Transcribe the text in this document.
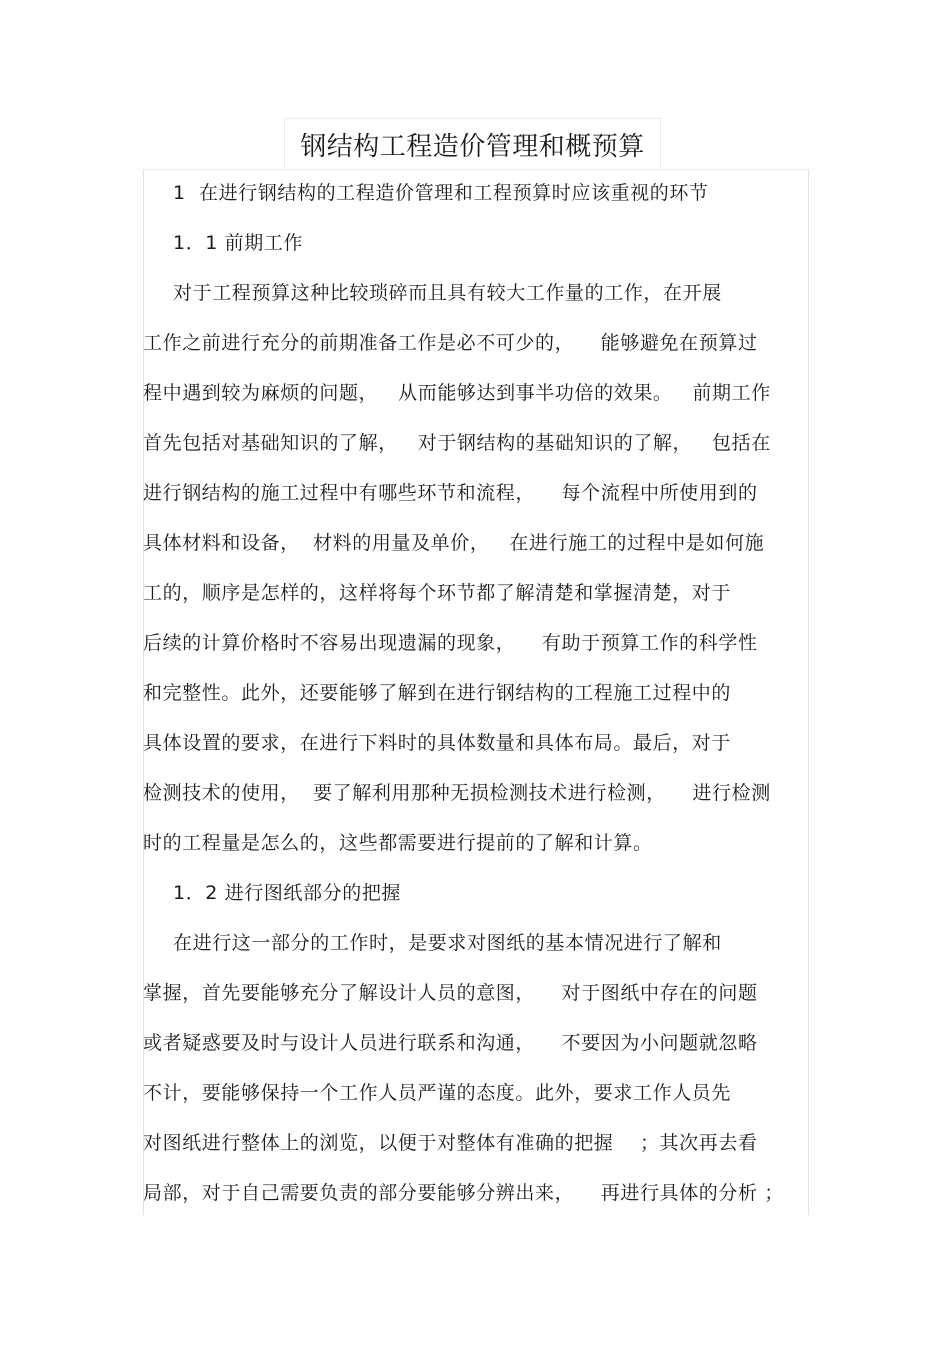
钢结构工程造价管理和概预算
1  在进行钢结构的工程造价管理和工程预算时应该重视的环节
1．1 前期工作
对于工程预算这种比较琐碎而且具有较大工作量的工作，在开展
工作之前进行充分的前期准备工作是必不可少的，    能够避免在预算过
程中遇到较为麻烦的问题，   从而能够达到事半功倍的效果。   前期工作
首先包括对基础知识的了解，   对于钢结构的基础知识的了解，   包括在
进行钢结构的施工过程中有哪些环节和流程，    每个流程中所使用到的
具体材料和设备，  材料的用量及单价，   在进行施工的过程中是如何施
工的，顺序是怎样的，这样将每个环节都了解清楚和掌握清楚，对于
后续的计算价格时不容易出现遗漏的现象，    有助于预算工作的科学性
和完整性。此外，还要能够了解到在进行钢结构的工程施工过程中的
具体设置的要求，在进行下料时的具体数量和具体布局。最后，对于
检测技术的使用，  要了解利用那种无损检测技术进行检测，    进行检测
时的工程量是怎么的，这些都需要进行提前的了解和计算。
1．2 进行图纸部分的把握
在进行这一部分的工作时，是要求对图纸的基本情况进行了解和
掌握，首先要能够充分了解设计人员的意图，    对于图纸中存在的问题
或者疑惑要及时与设计人员进行联系和沟通，    不要因为小问题就忽略
不计，要能够保持一个工作人员严谨的态度。此外，要求工作人员先
对图纸进行整体上的浏览，以便于对整体有准确的把握    ；其次再去看
局部，对于自己需要负责的部分要能够分辨出来，    再进行具体的分析 ；
